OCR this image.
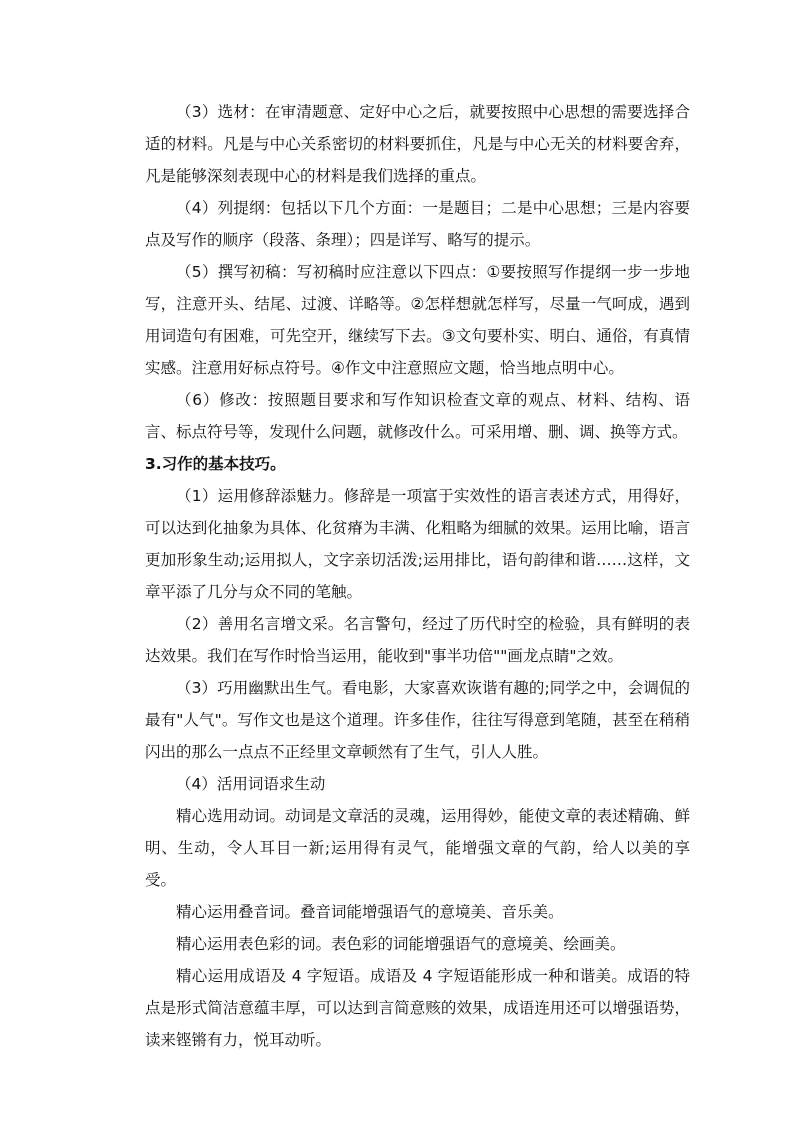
（3）选材：在审清题意、定好中心之后，就要按照中心思想的需要选择合适的材料。凡是与中心关系密切的材料要抓住，凡是与中心无关的材料要舍弃，凡是能够深刻表现中心的材料是我们选择的重点。

（4）列提纲：包括以下几个方面：一是题目；二是中心思想；三是内容要点及写作的顺序（段落、条理）；四是详写、略写的提示。

（5）撰写初稿：写初稿时应注意以下四点：①要按照写作提纲一步一步地写，注意开头、结尾、过渡、详略等。②怎样想就怎样写，尽量一气呵成，遇到用词造句有困难，可先空开，继续写下去。③文句要朴实、明白、通俗，有真情实感。注意用好标点符号。④作文中注意照应文题，恰当地点明中心。

（6）修改：按照题目要求和写作知识检查文章的观点、材料、结构、语言、标点符号等，发现什么问题，就修改什么。可采用增、删、调、换等方式。

3.习作的基本技巧。

（1）运用修辞添魅力。修辞是一项富于实效性的语言表述方式，用得好，可以达到化抽象为具体、化贫瘠为丰满、化粗略为细腻的效果。运用比喻，语言更加形象生动;运用拟人，文字亲切活泼;运用排比，语句韵律和谐……这样，文章平添了几分与众不同的笔触。

（2）善用名言增文采。名言警句，经过了历代时空的检验，具有鲜明的表达效果。我们在写作时恰当运用，能收到"事半功倍""画龙点睛"之效。

（3）巧用幽默出生气。看电影，大家喜欢诙谐有趣的;同学之中，会调侃的最有"人气"。写作文也是这个道理。许多佳作，往往写得意到笔随，甚至在稍稍闪出的那么一点点不正经里文章顿然有了生气，引人人胜。

（4）活用词语求生动

精心选用动词。动词是文章活的灵魂，运用得妙，能使文章的表述精确、鲜明、生动，令人耳目一新;运用得有灵气，能增强文章的气韵，给人以美的享受。

精心运用叠音词。叠音词能增强语气的意境美、音乐美。

精心运用表色彩的词。表色彩的词能增强语气的意境美、绘画美。

精心运用成语及 4 字短语。成语及 4 字短语能形成一种和谐美。成语的特点是形式简洁意蕴丰厚，可以达到言简意赅的效果，成语连用还可以增强语势，读来铿锵有力，悦耳动听。
